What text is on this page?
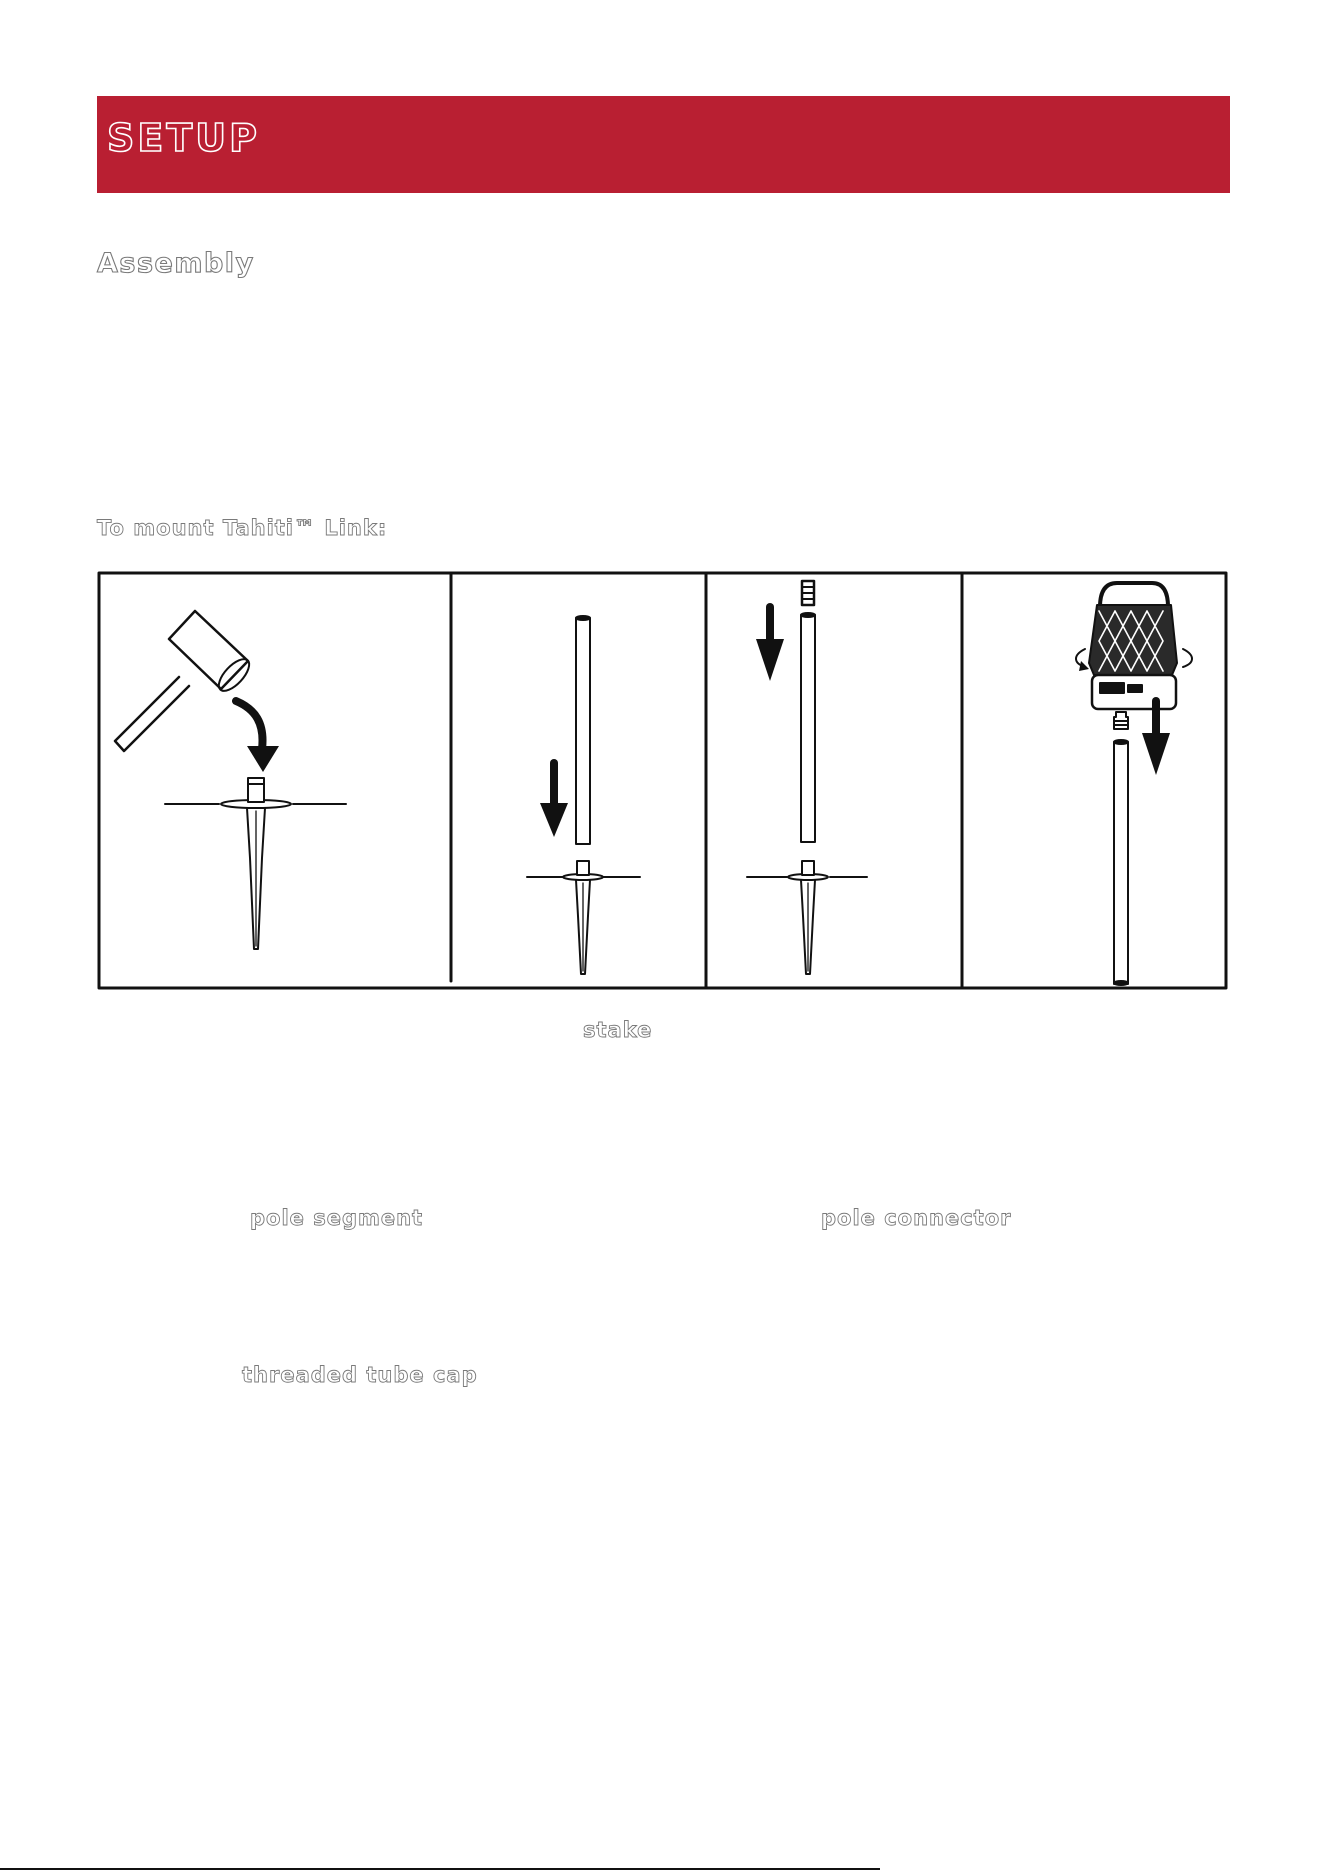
SETUP
Assembly
To mount Tahiti™ Link:
stake
pole segment	pole connector
threaded tube cap
